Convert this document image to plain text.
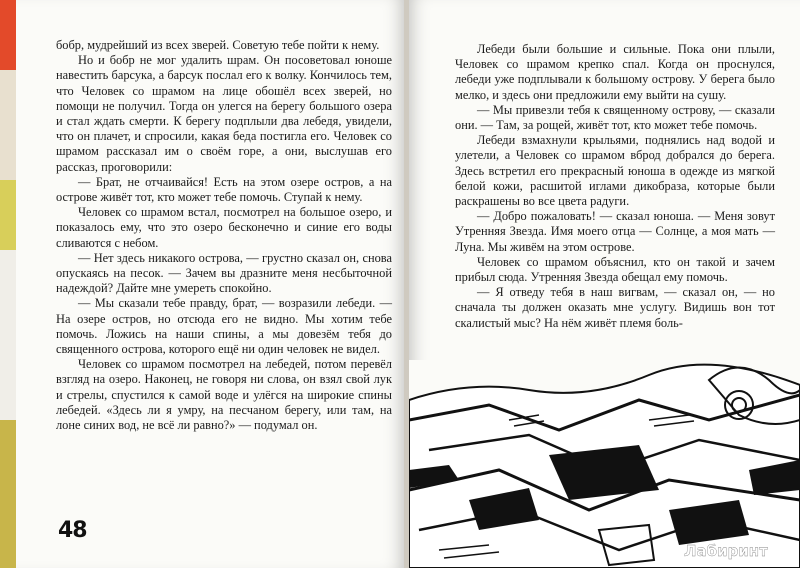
бобр, мудрейший из всех зверей. Советую тебе пойти к нему.

Но и бобр не мог удалить шрам. Он посоветовал юноше навестить барсука, а барсук послал его к волку. Кончилось тем, что Человек со шрамом на лице обошёл всех зверей, но помощи не получил. Тогда он улегся на берегу большого озера и стал ждать смерти. К берегу подплыли два лебедя, увидели, что он плачет, и спросили, какая беда постигла его. Человек со шрамом рассказал им о своём горе, а они, выслушав его рассказ, проговорили:

— Брат, не отчаивайся! Есть на этом озере остров, а на острове живёт тот, кто может тебе помочь. Ступай к нему.

Человек со шрамом встал, посмотрел на большое озеро, и показалось ему, что это озеро бесконечно и синие его воды сливаются с небом.

— Нет здесь никакого острова, — грустно сказал он, снова опускаясь на песок. — Зачем вы дразните меня несбыточной надеждой? Дайте мне умереть спокойно.

— Мы сказали тебе правду, брат, — возразили лебеди. — На озере остров, но отсюда его не видно. Мы хотим тебе помочь. Ложись на наши спины, а мы довезём тебя до священного острова, которого ещё ни один человек не видел.

Человек со шрамом посмотрел на лебедей, потом перевёл взгляд на озеро. Наконец, не говоря ни слова, он взял свой лук и стрелы, спустился к самой воде и улёгся на широкие спины лебедей. «Здесь ли я умру, на песчаном берегу, или там, на лоне синих вод, не всё ли равно?» — подумал он.

48

Лебеди были большие и сильные. Пока они плыли, Человек со шрамом крепко спал. Когда он проснулся, лебеди уже подплывали к большому острову. У берега было мелко, и здесь они предложили ему выйти на сушу.

— Мы привезли тебя к священному острову, — сказали они. — Там, за рощей, живёт тот, кто может тебе помочь.

Лебеди взмахнули крыльями, поднялись над водой и улетели, а Человек со шрамом вброд добрался до берега. Здесь встретил его прекрасный юноша в одежде из мягкой белой кожи, расшитой иглами дикобраза, которые были раскрашены во все цвета радуги.

— Добро пожаловать! — сказал юноша. — Меня зовут Утренняя Звезда. Имя моего отца — Солнце, а моя мать — Луна. Мы живём на этом острове.

Человек со шрамом объяснил, кто он такой и зачем прибыл сюда. Утренняя Звезда обещал ему помочь.

— Я отведу тебя в наш вигвам, — сказал он, — но сначала ты должен оказать мне услугу. Видишь вон тот скалистый мыс? На нём живёт племя боль-

Лабиринт
